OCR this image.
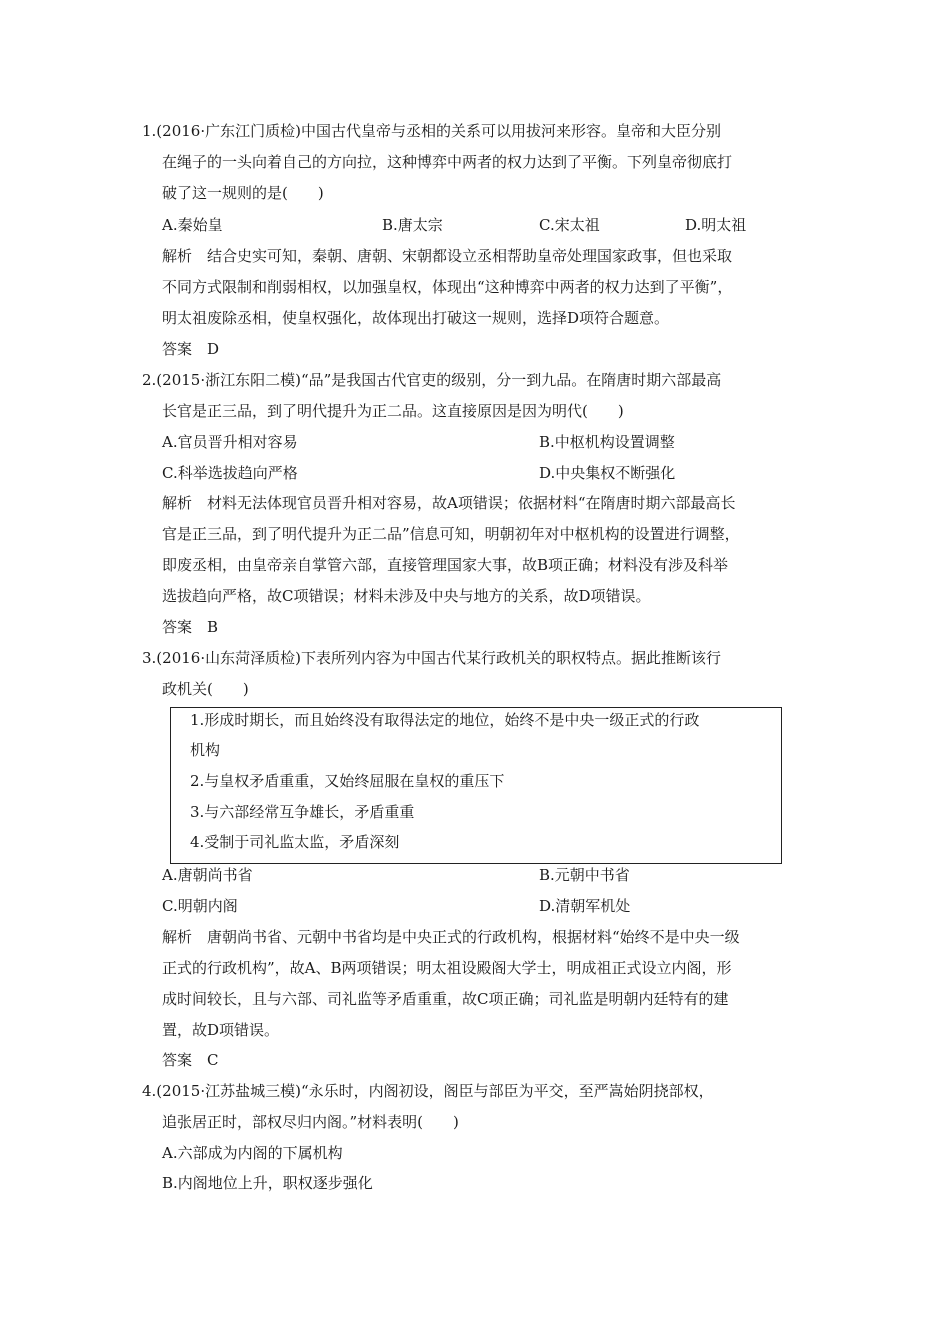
1.(2016·广东江门质检)中国古代皇帝与丞相的关系可以用拔河来形容。皇帝和大臣分别
在绳子的一头向着自己的方向拉，这种博弈中两者的权力达到了平衡。下列皇帝彻底打
破了这一规则的是(　　)
A.秦始皇	B.唐太宗	C.宋太祖	D.明太祖
解析　结合史实可知，秦朝、唐朝、宋朝都设立丞相帮助皇帝处理国家政事，但也采取
不同方式限制和削弱相权，以加强皇权，体现出“这种博弈中两者的权力达到了平衡”，
明太祖废除丞相，使皇权强化，故体现出打破这一规则，选择D项符合题意。
答案　D
2.(2015·浙江东阳二模)“品”是我国古代官吏的级别，分一到九品。在隋唐时期六部最高
长官是正三品，到了明代提升为正二品。这直接原因是因为明代(　　)
A.官员晋升相对容易	B.中枢机构设置调整
C.科举选拔趋向严格	D.中央集权不断强化
解析　材料无法体现官员晋升相对容易，故A项错误；依据材料“在隋唐时期六部最高长
官是正三品，到了明代提升为正二品”信息可知，明朝初年对中枢机构的设置进行调整，
即废丞相，由皇帝亲自掌管六部，直接管理国家大事，故B项正确；材料没有涉及科举
选拔趋向严格，故C项错误；材料未涉及中央与地方的关系，故D项错误。
答案　B
3.(2016·山东菏泽质检)下表所列内容为中国古代某行政机关的职权特点。据此推断该行
政机关(　　)
1.形成时期长，而且始终没有取得法定的地位，始终不是中央一级正式的行政
机构
2.与皇权矛盾重重，又始终屈服在皇权的重压下
3.与六部经常互争雄长，矛盾重重
4.受制于司礼监太监，矛盾深刻
A.唐朝尚书省	B.元朝中书省
C.明朝内阁	D.清朝军机处
解析　唐朝尚书省、元朝中书省均是中央正式的行政机构，根据材料“始终不是中央一级
正式的行政机构”，故A、B两项错误；明太祖设殿阁大学士，明成祖正式设立内阁，形
成时间较长，且与六部、司礼监等矛盾重重，故C项正确；司礼监是明朝内廷特有的建
置，故D项错误。
答案　C
4.(2015·江苏盐城三模)“永乐时，内阁初设，阁臣与部臣为平交，至严嵩始阴挠部权，
追张居正时，部权尽归内阁。”材料表明(　　)
A.六部成为内阁的下属机构
B.内阁地位上升，职权逐步强化
